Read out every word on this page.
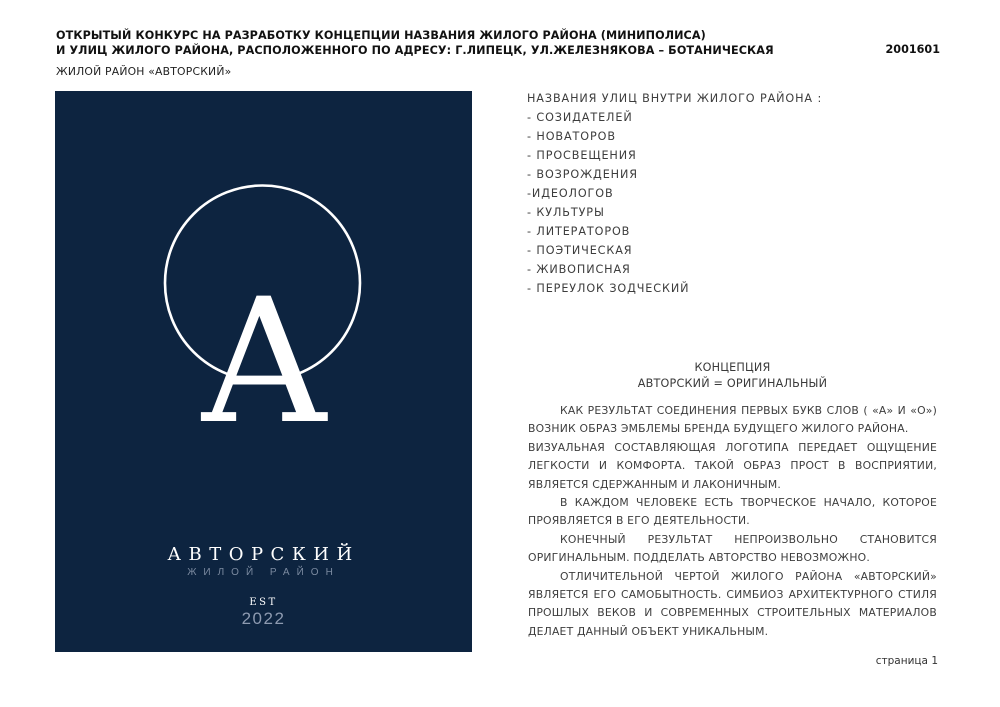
ОТКРЫТЫЙ КОНКУРС НА РАЗРАБОТКУ КОНЦЕПЦИИ НАЗВАНИЯ ЖИЛОГО РАЙОНА (МИНИПОЛИСА)
И УЛИЦ ЖИЛОГО РАЙОНА, РАСПОЛОЖЕННОГО ПО АДРЕСУ: Г.ЛИПЕЦК, УЛ.ЖЕЛЕЗНЯКОВА – БОТАНИЧЕСКАЯ	2001601
ЖИЛОЙ РАЙОН «АВТОРСКИЙ»
A
АВТОРСКИЙ
ЖИЛОЙ РАЙОН
EST
2022
НАЗВАНИЯ УЛИЦ ВНУТРИ ЖИЛОГО РАЙОНА :
- СОЗИДАТЕЛЕЙ
- НОВАТОРОВ
- ПРОСВЕЩЕНИЯ
- ВОЗРОЖДЕНИЯ
-ИДЕОЛОГОВ
- КУЛЬТУРЫ
- ЛИТЕРАТОРОВ
- ПОЭТИЧЕСКАЯ
- ЖИВОПИСНАЯ
- ПЕРЕУЛОК ЗОДЧЕСКИЙ
КОНЦЕПЦИЯ
АВТОРСКИЙ = ОРИГИНАЛЬНЫЙ

КАК РЕЗУЛЬТАТ СОЕДИНЕНИЯ ПЕРВЫХ БУКВ СЛОВ ( «А» И «О») ВОЗНИК ОБРАЗ ЭМБЛЕМЫ БРЕНДА БУДУЩЕГО ЖИЛОГО РАЙОНА.

ВИЗУАЛЬНАЯ СОСТАВЛЯЮЩАЯ ЛОГОТИПА ПЕРЕДАЕТ ОЩУЩЕНИЕ ЛЕГКОСТИ И КОМФОРТА. ТАКОЙ ОБРАЗ ПРОСТ В ВОСПРИЯТИИ, ЯВЛЯЕТСЯ СДЕРЖАННЫМ И ЛАКОНИЧНЫМ.

В КАЖДОМ ЧЕЛОВЕКЕ ЕСТЬ ТВОРЧЕСКОЕ НАЧАЛО, КОТОРОЕ ПРОЯВЛЯЕТСЯ В ЕГО ДЕЯТЕЛЬНОСТИ.

КОНЕЧНЫЙ РЕЗУЛЬТАТ НЕПРОИЗВОЛЬНО СТАНОВИТСЯ ОРИГИНАЛЬНЫМ. ПОДДЕЛАТЬ АВТОРСТВО НЕВОЗМОЖНО.

ОТЛИЧИТЕЛЬНОЙ ЧЕРТОЙ ЖИЛОГО РАЙОНА «АВТОРСКИЙ» ЯВЛЯЕТСЯ ЕГО САМОБЫТНОСТЬ. СИМБИОЗ АРХИТЕКТУРНОГО СТИЛЯ ПРОШЛЫХ ВЕКОВ И СОВРЕМЕННЫХ СТРОИТЕЛЬНЫХ МАТЕРИАЛОВ ДЕЛАЕТ ДАННЫЙ ОБЪЕКТ УНИКАЛЬНЫМ.

страница 1
